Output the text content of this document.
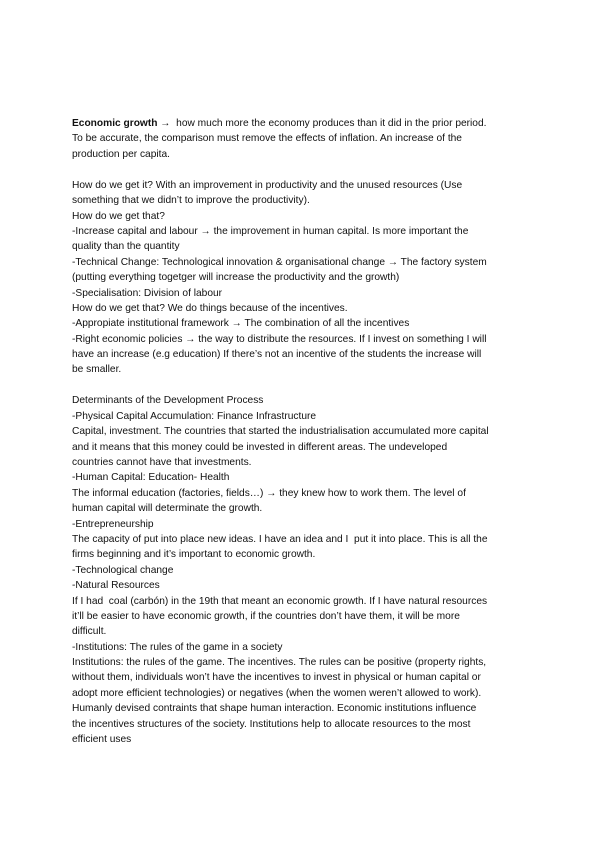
Economic growth →  how much more the economy produces than it did in the prior period.
To be accurate, the comparison must remove the effects of inflation. An increase of the
production per capita.
How do we get it? With an improvement in productivity and the unused resources (Use
something that we didn’t to improve the productivity).
How do we get that?
-Increase capital and labour → the improvement in human capital. Is more important the
quality than the quantity
-Technical Change: Technological innovation & organisational change → The factory system
(putting everything togetger will increase the productivity and the growth)
-Specialisation: Division of labour
How do we get that? We do things because of the incentives.
-Appropiate institutional framework → The combination of all the incentives
-Right economic policies → the way to distribute the resources. If I invest on something I will
have an increase (e.g education) If there’s not an incentive of the students the increase will
be smaller.
Determinants of the Development Process
-Physical Capital Accumulation: Finance Infrastructure
Capital, investment. The countries that started the industrialisation accumulated more capital
and it means that this money could be invested in different areas. The undeveloped
countries cannot have that investments.
-Human Capital: Education- Health
The informal education (factories, fields…) → they knew how to work them. The level of
human capital will determinate the growth.
-Entrepreneurship
The capacity of put into place new ideas. I have an idea and I  put it into place. This is all the
firms beginning and it’s important to economic growth.
-Technological change
-Natural Resources
If I had  coal (carbón) in the 19th that meant an economic growth. If I have natural resources
it’ll be easier to have economic growth, if the countries don’t have them, it will be more
difficult.
-Institutions: The rules of the game in a society
Institutions: the rules of the game. The incentives. The rules can be positive (property rights,
without them, individuals won’t have the incentives to invest in physical or human capital or
adopt more efficient technologies) or negatives (when the women weren’t allowed to work).
Humanly devised contraints that shape human interaction. Economic institutions influence
the incentives structures of the society. Institutions help to allocate resources to the most
efficient uses
